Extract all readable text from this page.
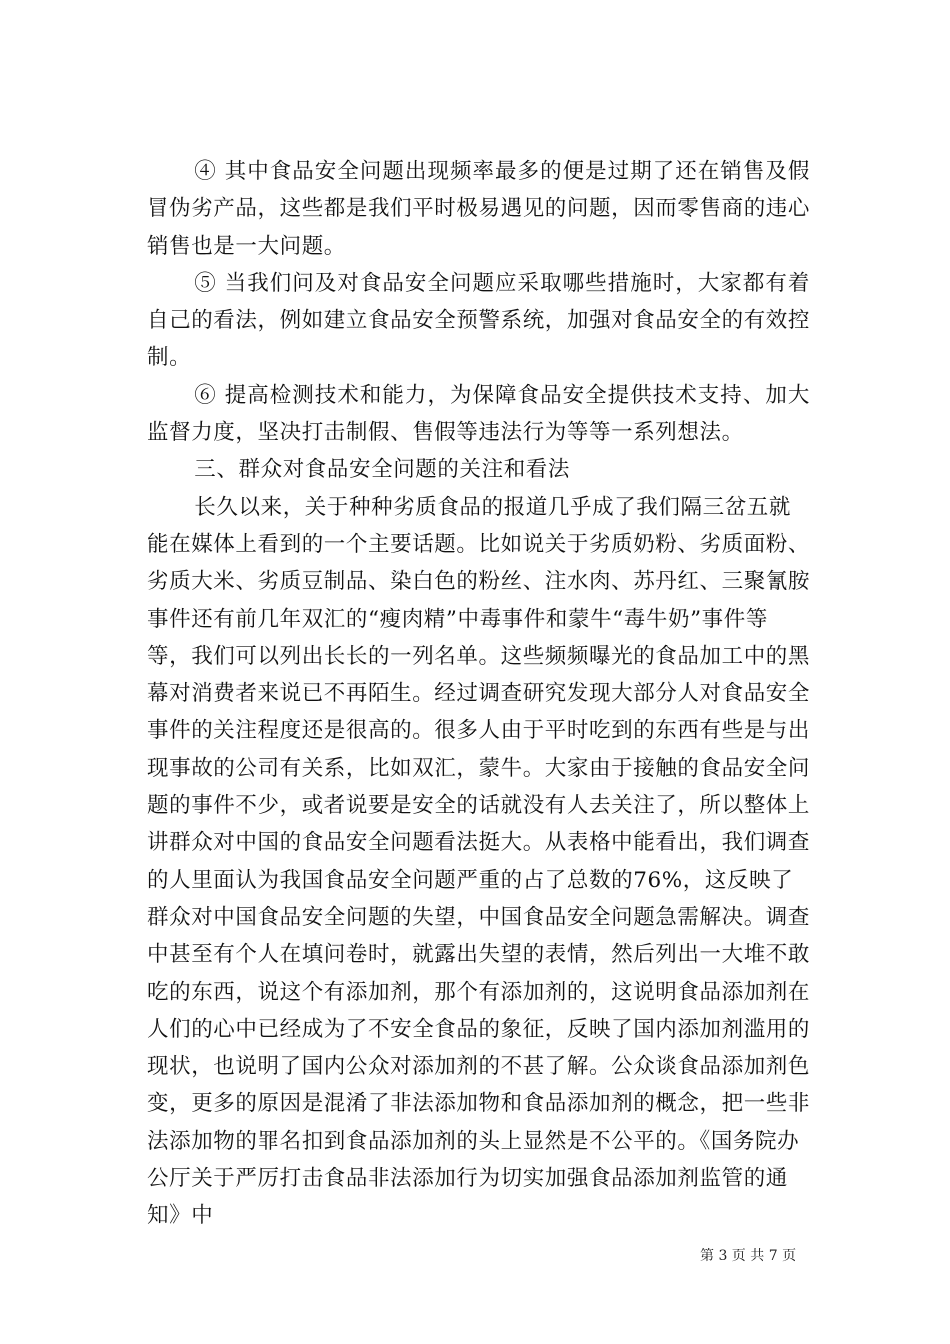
④ 其中食品安全问题出现频率最多的便是过期了还在销售及假冒伪劣产品，这些都是我们平时极易遇见的问题，因而零售商的违心销售也是一大问题。

⑤ 当我们问及对食品安全问题应采取哪些措施时，大家都有着自己的看法，例如建立食品安全预警系统，加强对食品安全的有效控制。

⑥ 提高检测技术和能力，为保障食品安全提供技术支持、加大监督力度，坚决打击制假、售假等违法行为等等一系列想法。

三、群众对食品安全问题的关注和看法

长久以来，关于种种劣质食品的报道几乎成了我们隔三岔五就能在媒体上看到的一个主要话题。比如说关于劣质奶粉、劣质面粉、劣质大米、劣质豆制品、染白色的粉丝、注水肉、苏丹红、三聚氰胺事件还有前几年双汇的“瘦肉精”中毒事件和蒙牛“毒牛奶”事件等等，我们可以列出长长的一列名单。这些频频曝光的食品加工中的黑幕对消费者来说已不再陌生。经过调查研究发现大部分人对食品安全事件的关注程度还是很高的。很多人由于平时吃到的东西有些是与出现事故的公司有关系，比如双汇，蒙牛。大家由于接触的食品安全问题的事件不少，或者说要是安全的话就没有人去关注了，所以整体上讲群众对中国的食品安全问题看法挺大。从表格中能看出，我们调查的人里面认为我国食品安全问题严重的占了总数的76%，这反映了群众对中国食品安全问题的失望，中国食品安全问题急需解决。调查中甚至有个人在填问卷时，就露出失望的表情，然后列出一大堆不敢吃的东西，说这个有添加剂，那个有添加剂的，这说明食品添加剂在人们的心中已经成为了不安全食品的象征，反映了国内添加剂滥用的现状，也说明了国内公众对添加剂的不甚了解。公众谈食品添加剂色变，更多的原因是混淆了非法添加物和食品添加剂的概念，把一些非法添加物的罪名扣到食品添加剂的头上显然是不公平的。《国务院办公厅关于严厉打击食品非法添加行为切实加强食品添加剂监管的通知》中

第 3 页 共 7 页
